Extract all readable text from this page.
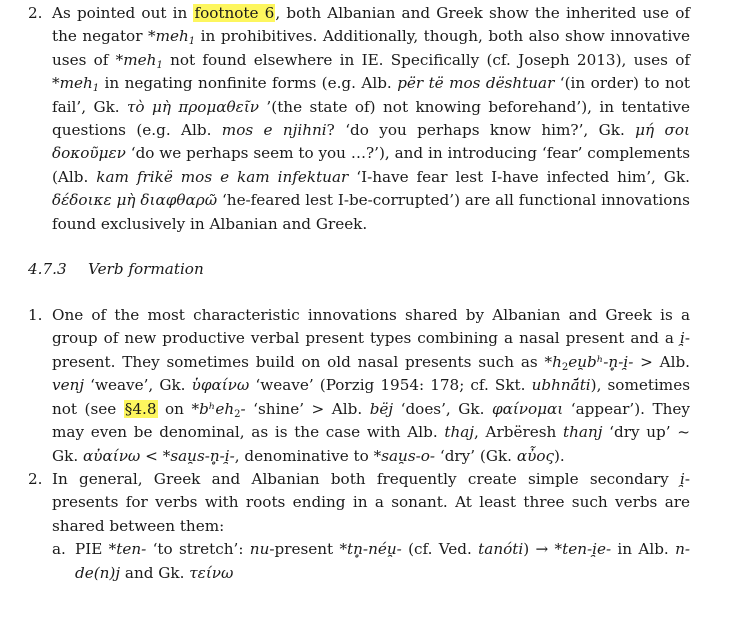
2. As pointed out in footnote 6, both Albanian and Greek show the inherited use of the negator *meh$_1$ in prohibitives. Additionally, though, both also show innovative uses of *meh$_1$ not found elsewhere in IE. Specifically (cf. Joseph 2013), uses of *meh$_1$ in negating nonfinite forms (e.g. Alb. për të mos dështuar ‘(in order) to not fail’, Gk. τὸ μὴ προμαθεῖν ’(the state of) not knowing beforehand’), in tentative questions (e.g. Alb. mos e njihni? ‘do you perhaps know him?’, Gk. μή σοι δοκοῦμεν ‘do we perhaps seem to you …?’), and in introducing ‘fear’ complements (Alb. kam frikë mos e kam infektuar ‘I-have fear lest I-have infected him’, Gk. δέδοικε μὴ διαφθαρῶ ‘he-feared lest I-be-corrupted’) are all functional innovations found exclusively in Albanian and Greek.
4.7.3 Verb formation
1. One of the most characteristic innovations shared by Albanian and Greek is a group of new productive verbal present types combining a nasal present and a i̯-present. They sometimes build on old nasal presents such as $*h_2eu̯bʰ-n̥-i̯-$ > Alb. venj ‘weave’, Gk. ὑφαίνω ‘weave’ (Porzig 1954: 178; cf. Skt. ubhnā́ti), sometimes not (see §4.8 on *bʰeh$_2$- ‘shine’ > Alb. bëj ‘does’, Gk. φαίνομαι ‘appear’). They may even be denominal, as is the case with Alb. thaj, Arbëresh thanj ‘dry up’ ~ Gk. αὐαίνω < *sau̯s-n̥-i̯-, denominative to *sau̯s-o- ‘dry’ (Gk. αὖος).
2. In general, Greek and Albanian both frequently create simple secondary i̯-presents for verbs with roots ending in a sonant. At least three such verbs are shared between them:
a. PIE *ten- ‘to stretch’: nu-present *tn̥-néu̯- (cf. Ved. tanóti) → *ten-i̯e- in Alb. n-de(n)j and Gk. τείνω
